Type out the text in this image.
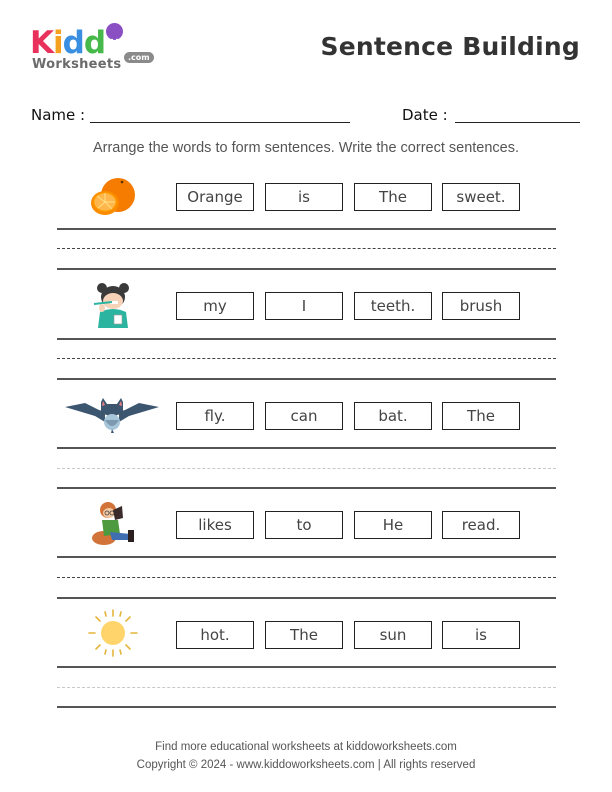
Kidd
Worksheets .com	Sentence Building
Name :	Date :
Arrange the words to form sentences. Write the correct sentences.
Orange	is	The	sweet.
my	I	teeth.	brush
fly.	can	bat.	The
likes	to	He	read.
hot.	The	sun	is
Find more educational worksheets at kiddoworksheets.com
Copyright © 2024 - www.kiddoworksheets.com | All rights reserved
